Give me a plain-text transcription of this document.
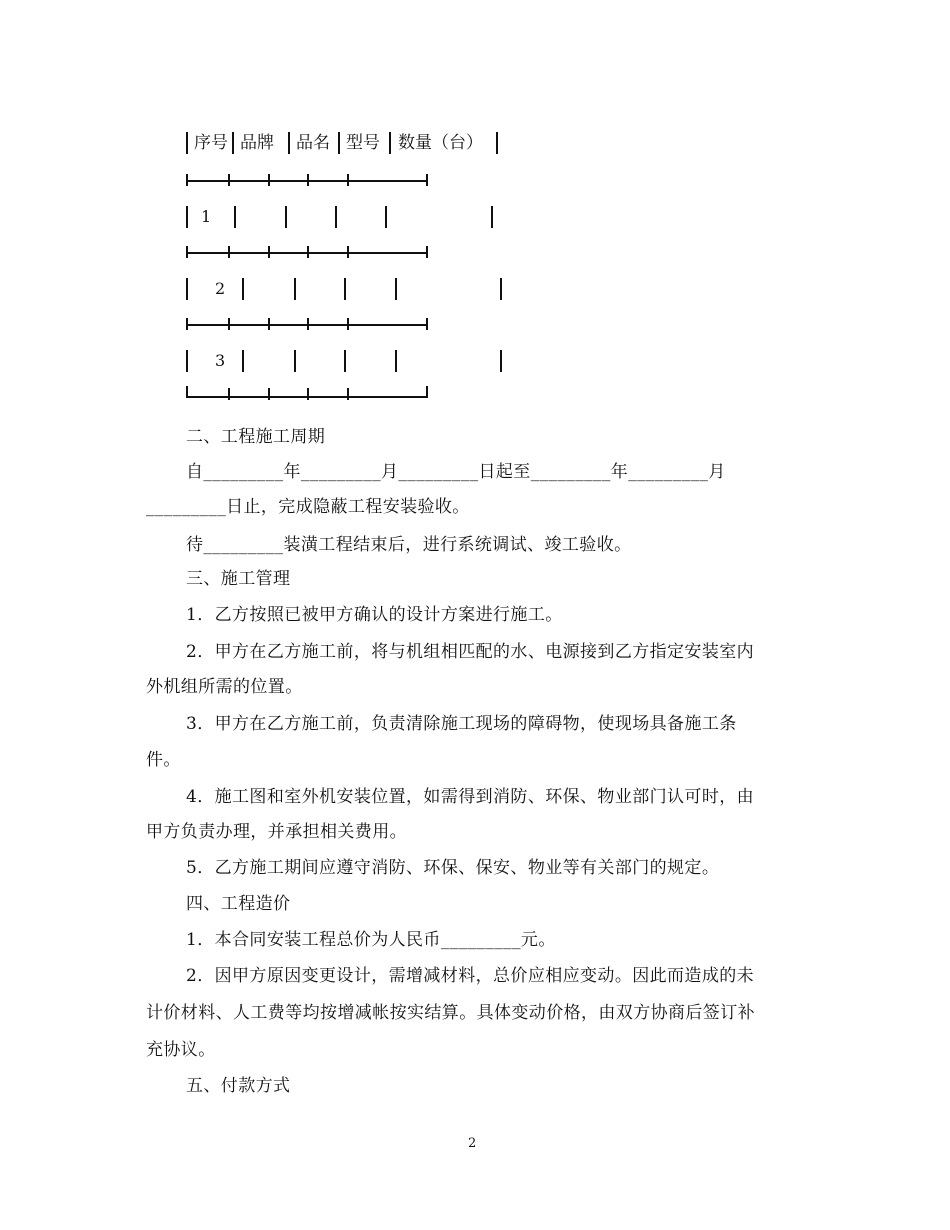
序号 品牌 品名 型号 数量（台）
1
2
3
二、工程施工周期
自_________年_________月_________日起至_________年_________月
_________日止，完成隐蔽工程安装验收。
待_________装潢工程结束后，进行系统调试、竣工验收。
三、施工管理
1．乙方按照已被甲方确认的设计方案进行施工。
2．甲方在乙方施工前，将与机组相匹配的水、电源接到乙方指定安装室内
外机组所需的位置。
3．甲方在乙方施工前，负责清除施工现场的障碍物，使现场具备施工条
件。
4．施工图和室外机安装位置，如需得到消防、环保、物业部门认可时，由
甲方负责办理，并承担相关费用。
5．乙方施工期间应遵守消防、环保、保安、物业等有关部门的规定。
四、工程造价
1．本合同安装工程总价为人民币_________元。
2．因甲方原因变更设计，需增减材料，总价应相应变动。因此而造成的未
计价材料、人工费等均按增减帐按实结算。具体变动价格，由双方协商后签订补
充协议。
五、付款方式
2
